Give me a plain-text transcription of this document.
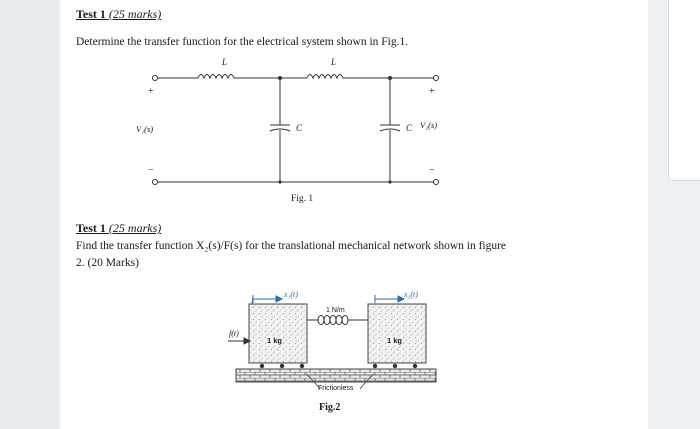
Test 1 (25 marks)
Determine the transfer function for the electrical system shown in Fig.1.
L	L
C	C
+
−
+
−
V₁(s)	V₂(s)
Fig. 1
Test 1 (25 marks)
Find the transfer function X₂(s)/F(s) for the translational mechanical network shown in figure
2. (20 Marks)
x₁(t)	x₂(t)
1 N/m
f(t)
1 kg	1 kg
Frictionless
Fig.2
